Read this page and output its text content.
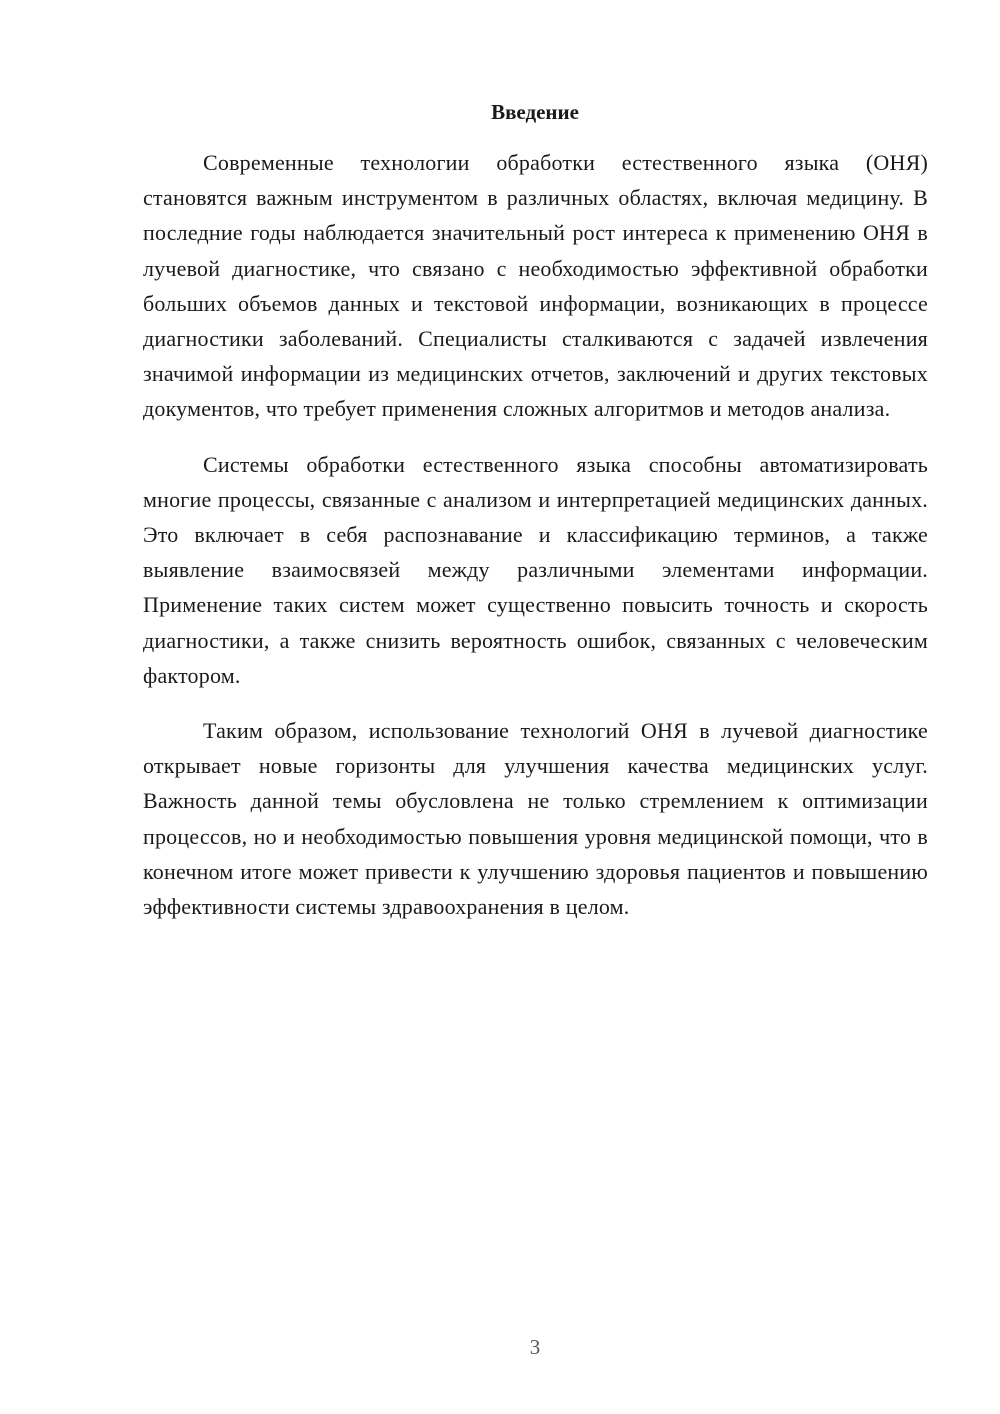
Введение

Современные технологии обработки естественного языка (ОНЯ) становятся важным инструментом в различных областях, включая медицину. В последние годы наблюдается значительный рост интереса к применению ОНЯ в лучевой диагностике, что связано с необходимостью эффективной обработки больших объемов данных и текстовой информации, возникающих в процессе диагностики заболеваний. Специалисты сталкиваются с задачей извлечения значимой информации из медицинских отчетов, заключений и других текстовых документов, что требует применения сложных алгоритмов и методов анализа.

Системы обработки естественного языка способны автоматизировать многие процессы, связанные с анализом и интерпретацией медицинских данных. Это включает в себя распознавание и классификацию терминов, а также выявление взаимосвязей между различными элементами информации. Применение таких систем может существенно повысить точность и скорость диагностики, а также снизить вероятность ошибок, связанных с человеческим фактором.

Таким образом, использование технологий ОНЯ в лучевой диагностике открывает новые горизонты для улучшения качества медицинских услуг. Важность данной темы обусловлена не только стремлением к оптимизации процессов, но и необходимостью повышения уровня медицинской помощи, что в конечном итоге может привести к улучшению здоровья пациентов и повышению эффективности системы здравоохранения в целом.

3
